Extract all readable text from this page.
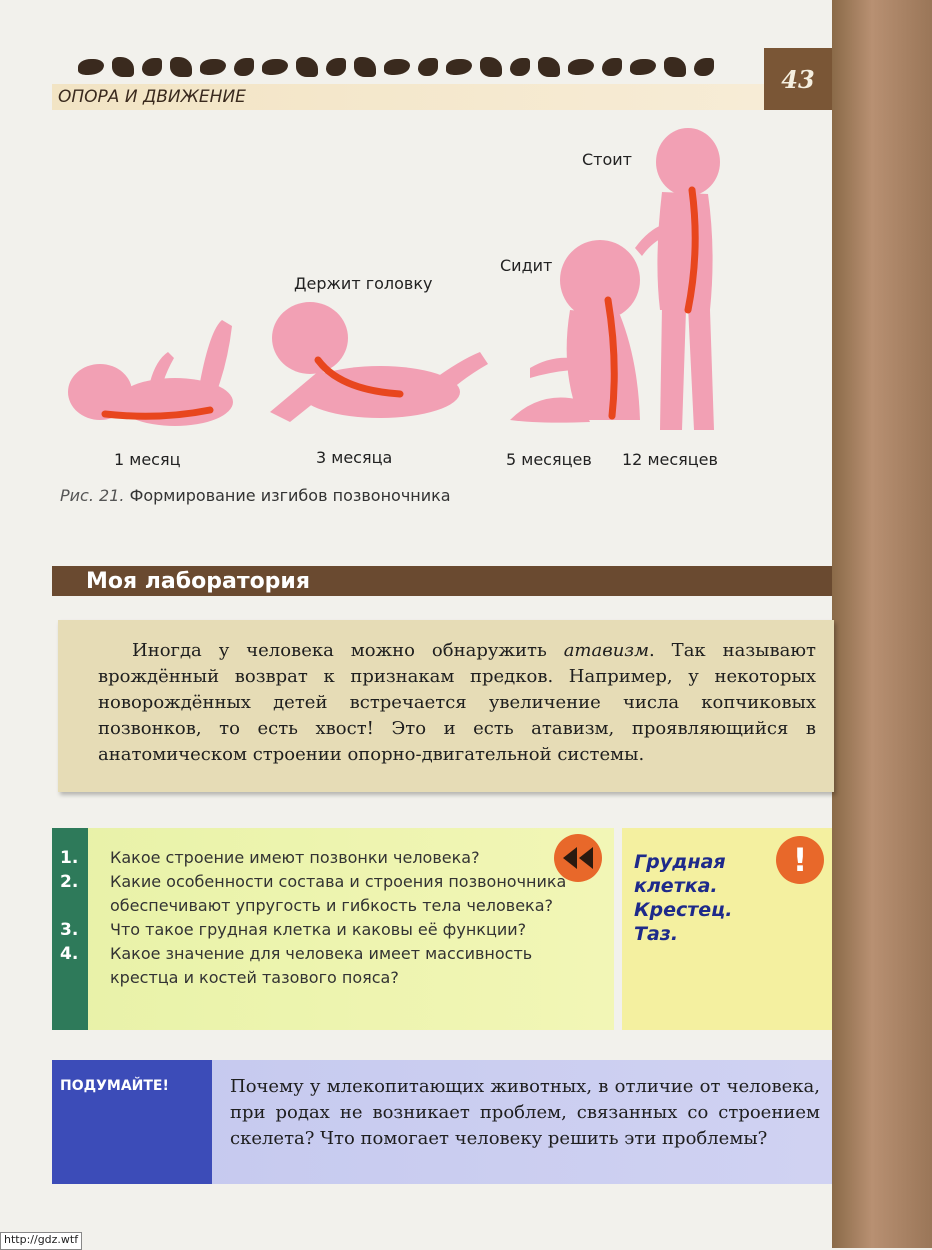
43
ОПОРА И ДВИЖЕНИЕ
Держит головку
Сидит
Стоит
1 месяц	3 месяца	5 месяцев 12 месяцев
Рис. 21. Формирование изгибов позвоночника
Моя лаборатория
Иногда у человека можно обнаружить атавизм. Так называют врождённый возврат к признакам предков. Например, у некоторых новорождённых детей встречается увеличение числа копчиковых позвонков, то есть хвост! Это и есть атавизм, проявляющийся в анатомическом строении опорно-двигательной системы.
1.	Какое строение имеют позвонки человека?
2.	Какие особенности состава и строения позвоночника обеспечивают упругость и гибкость тела человека?
3.	Что такое грудная клетка и каковы её функции?
4.	Какое значение для человека имеет массивность крестца и костей тазового пояса?
!
Грудная клетка.
Крестец.
Таз.
ПОДУМАЙТЕ!	Почему у млекопитающих животных, в отличие от человека, при родах не возникает проблем, связанных со строением скелета? Что помогает человеку решить эти проблемы?
http://gdz.wtf
